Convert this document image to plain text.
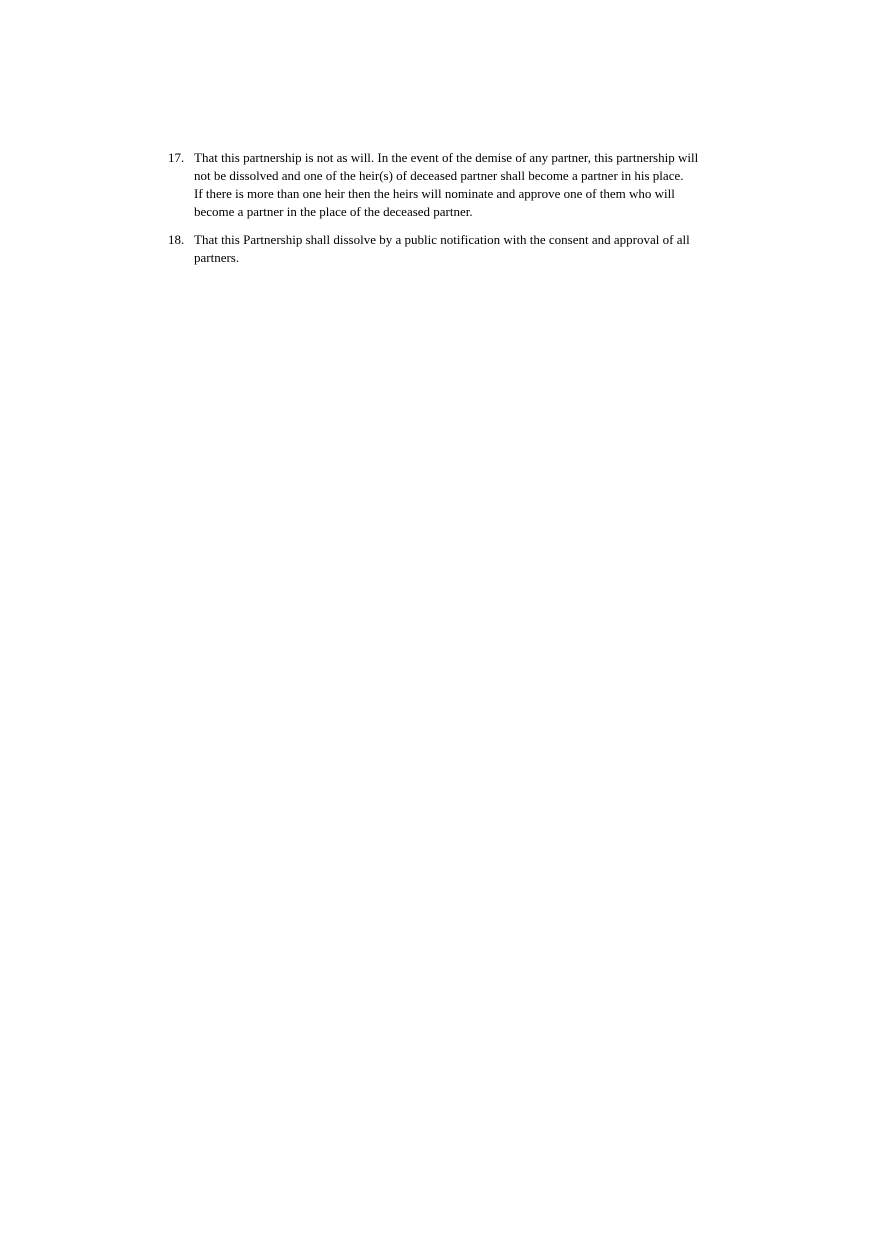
17. That this partnership is not as will. In the event of the demise of any partner, this partnership will
not be dissolved and one of the heir(s) of deceased partner shall become a partner in his place.
If there is more than one heir then the heirs will nominate and approve one of them who will
become a partner in the place of the deceased partner.
18. That this Partnership shall dissolve by a public notification with the consent and approval of all
partners.
